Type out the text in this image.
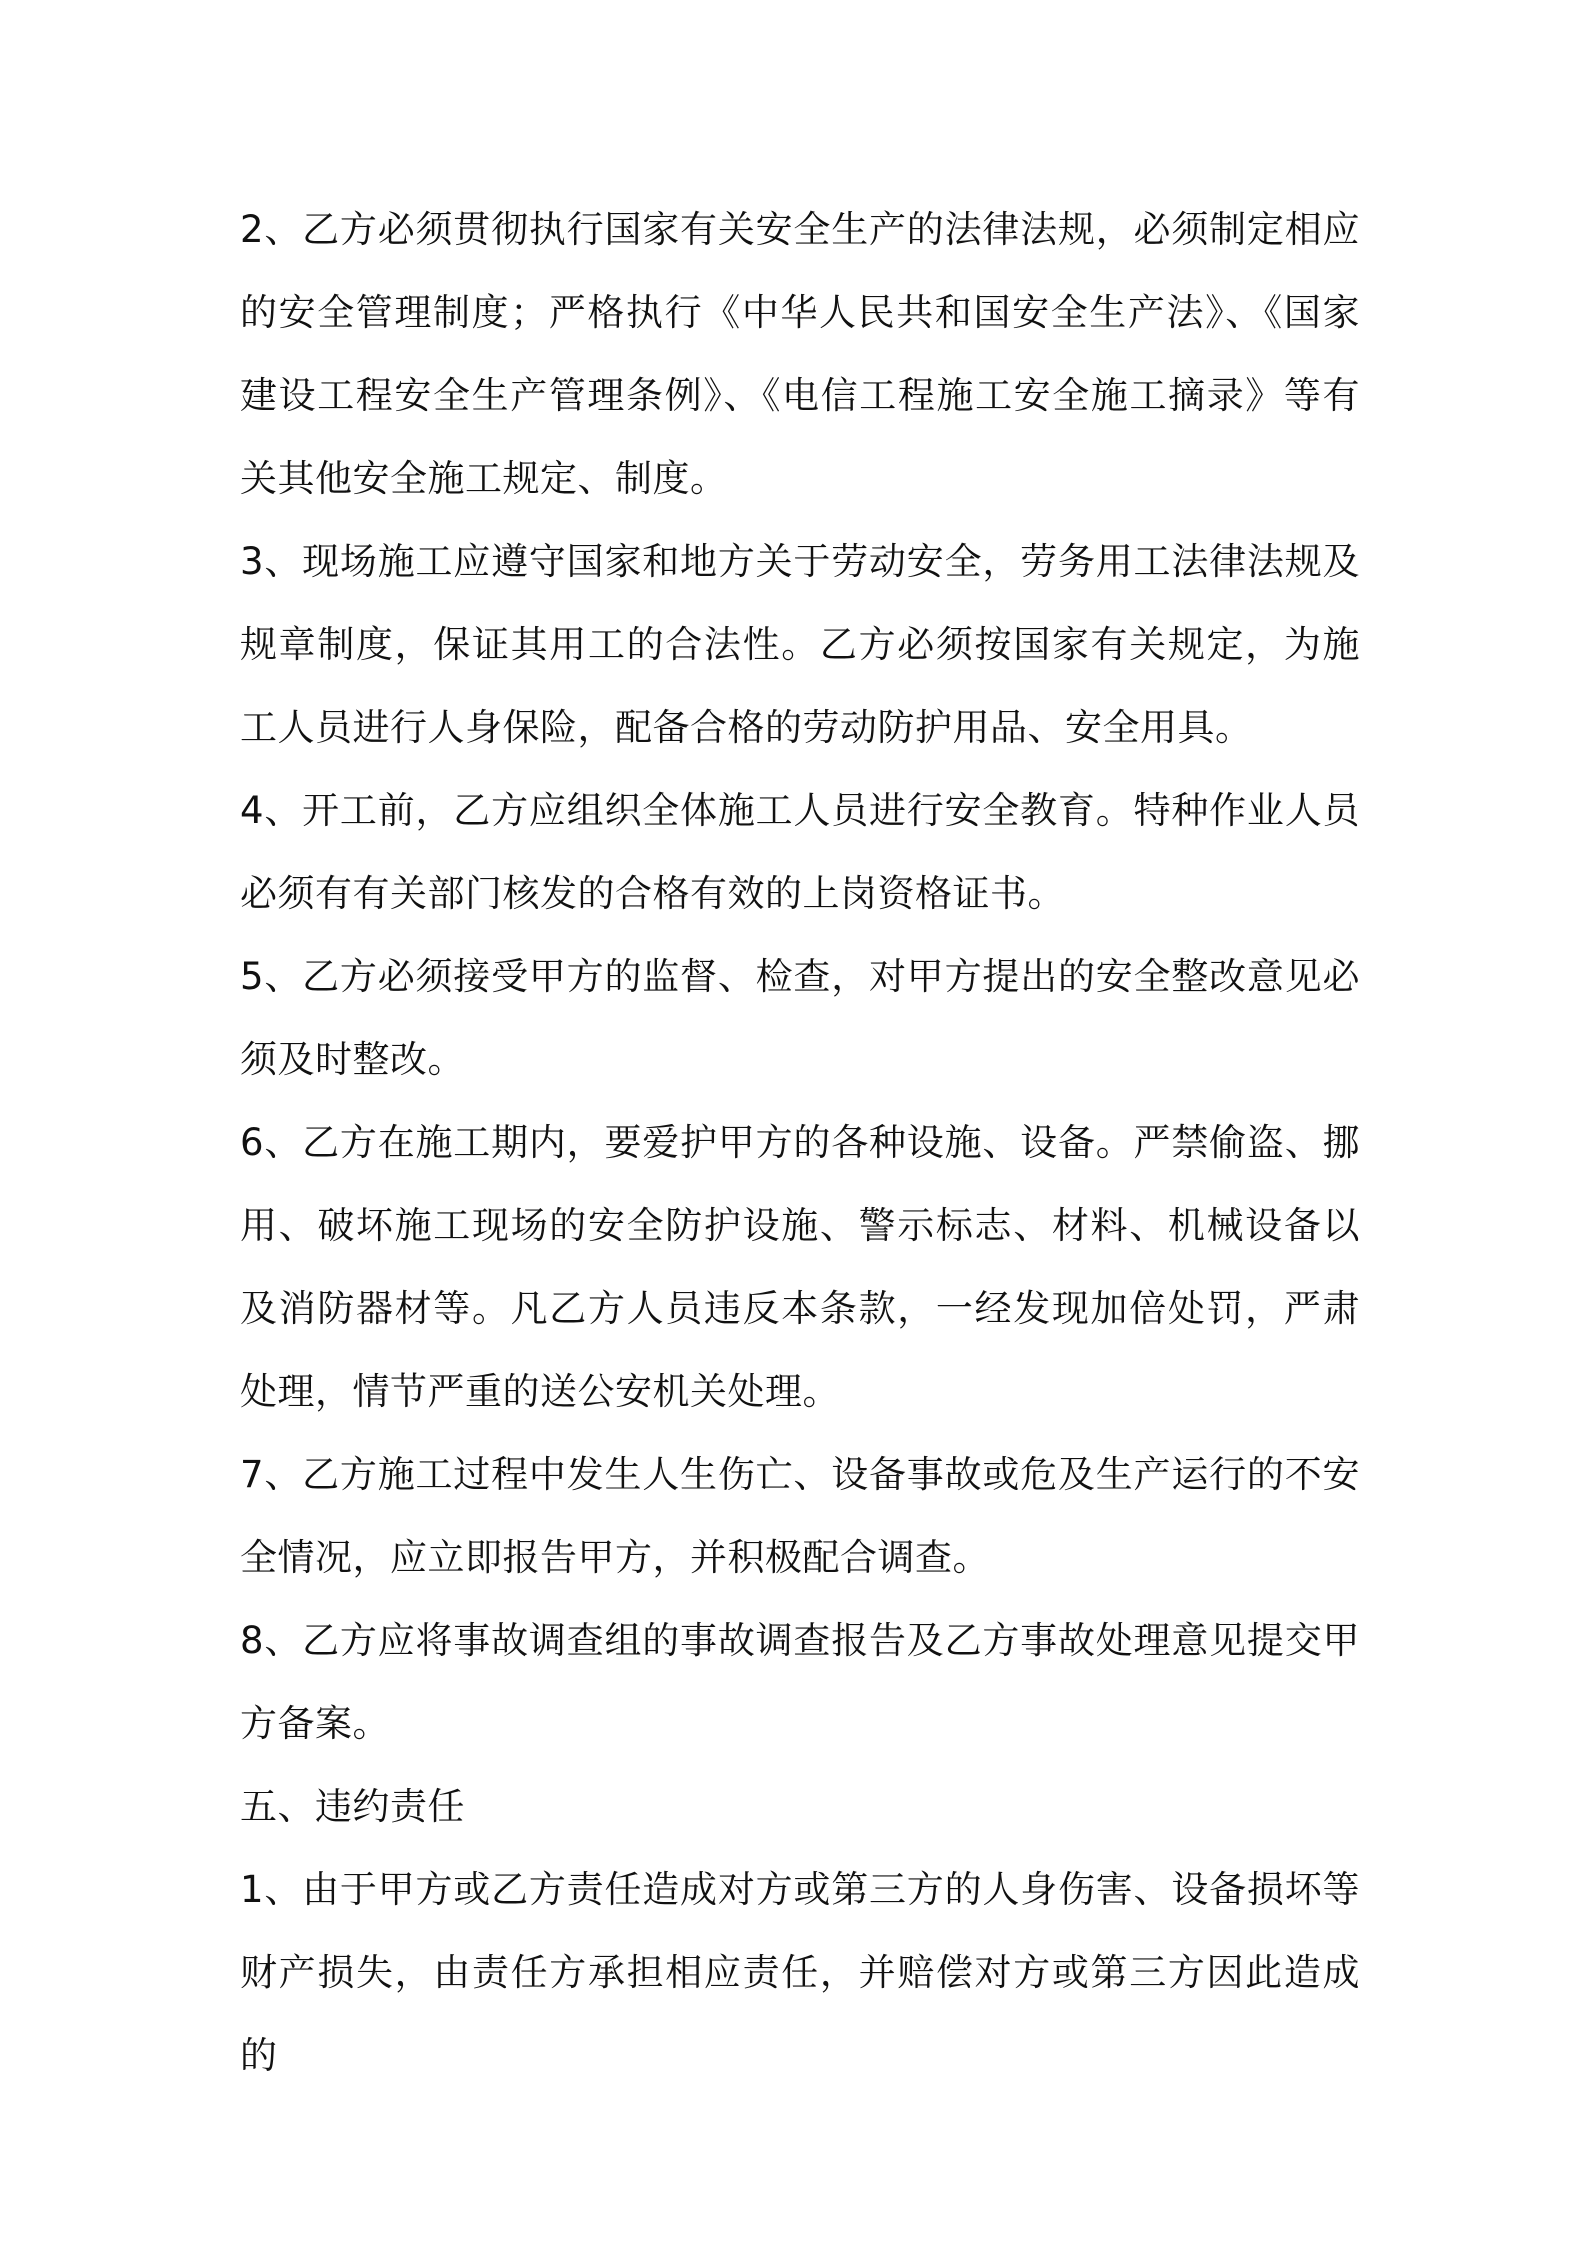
2、乙方必须贯彻执行国家有关安全生产的法律法规，必须制定相应的安全管理制度；严格执行《中华人民共和国安全生产法》、《国家建设工程安全生产管理条例》、《电信工程施工安全施工摘录》等有关其他安全施工规定、制度。

3、现场施工应遵守国家和地方关于劳动安全，劳务用工法律法规及规章制度，保证其用工的合法性。乙方必须按国家有关规定，为施工人员进行人身保险，配备合格的劳动防护用品、安全用具。

4、开工前，乙方应组织全体施工人员进行安全教育。特种作业人员必须有有关部门核发的合格有效的上岗资格证书。

5、乙方必须接受甲方的监督、检查，对甲方提出的安全整改意见必须及时整改。

6、乙方在施工期内，要爱护甲方的各种设施、设备。严禁偷盗、挪用、破坏施工现场的安全防护设施、警示标志、材料、机械设备以及消防器材等。凡乙方人员违反本条款，一经发现加倍处罚，严肃处理，情节严重的送公安机关处理。

7、乙方施工过程中发生人生伤亡、设备事故或危及生产运行的不安全情况，应立即报告甲方，并积极配合调查。

8、乙方应将事故调查组的事故调查报告及乙方事故处理意见提交甲方备案。

五、违约责任

1、由于甲方或乙方责任造成对方或第三方的人身伤害、设备损坏等财产损失，由责任方承担相应责任，并赔偿对方或第三方因此造成的
